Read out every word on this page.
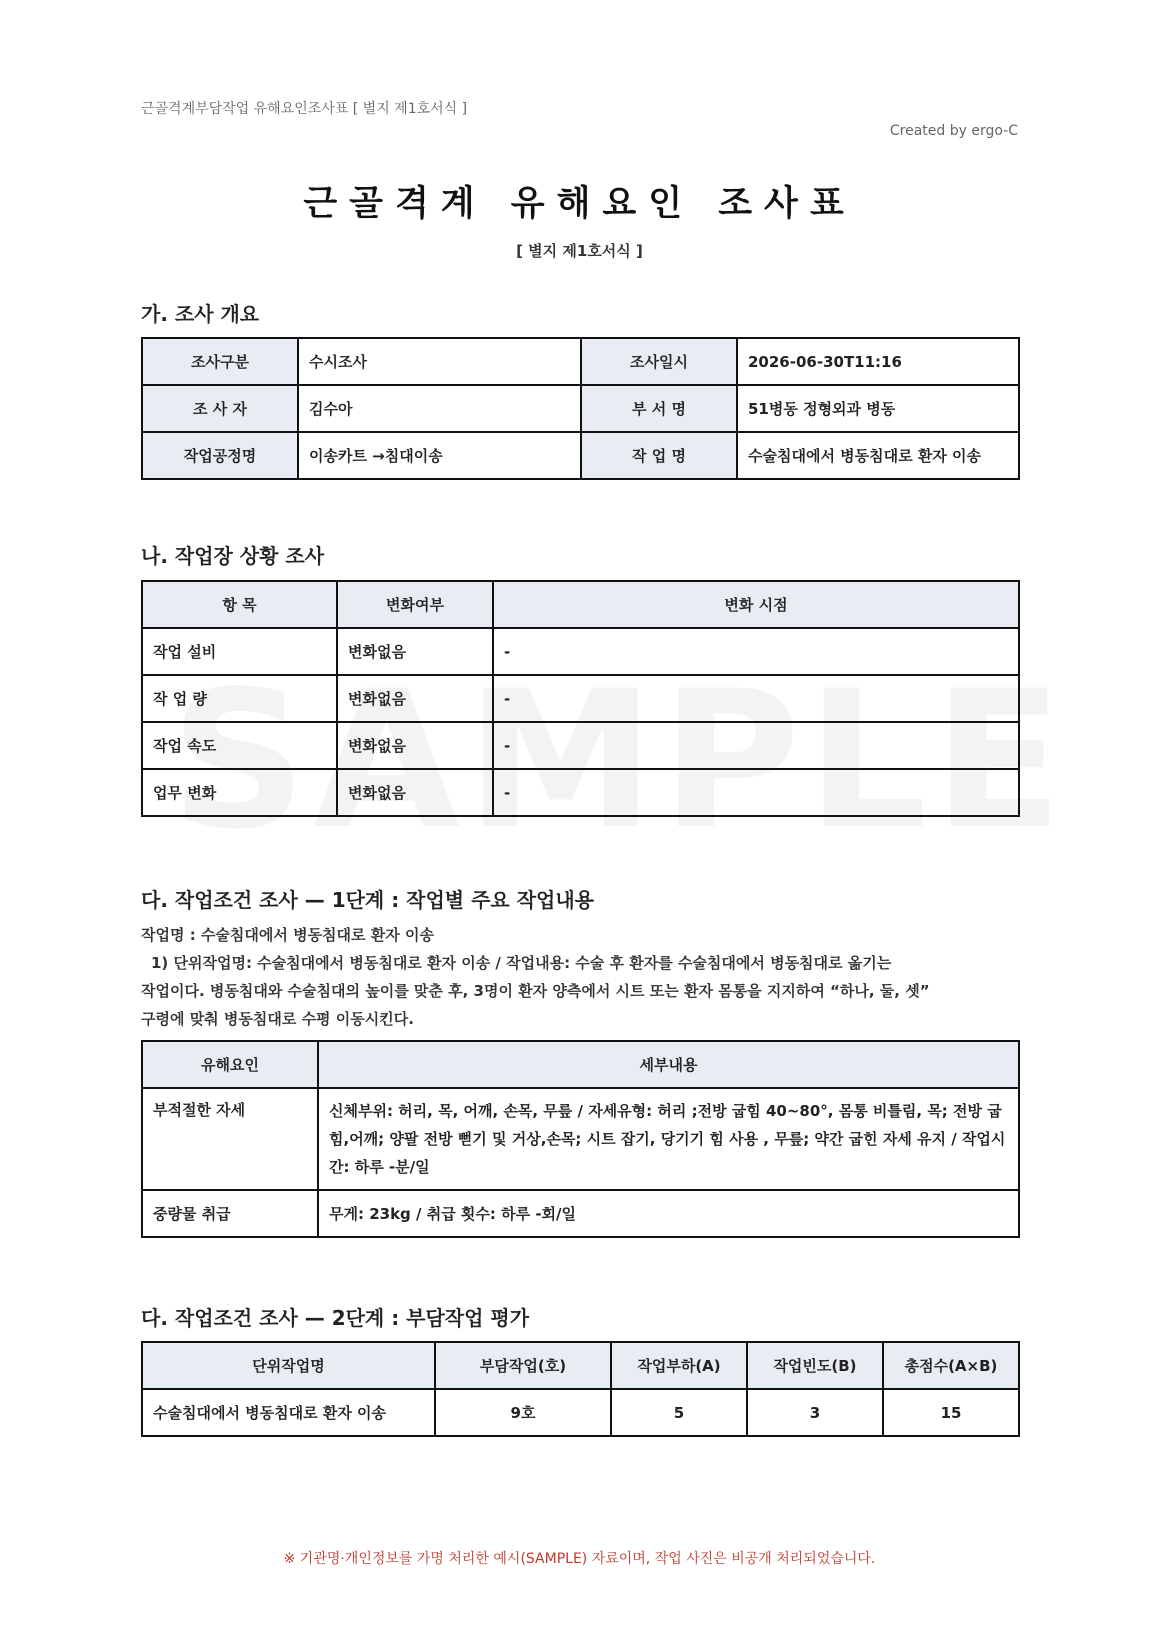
근골격계부담작업 유해요인조사표 [ 별지 제1호서식 ]
Created by ergo-C
근골격계 유해요인 조사표
[ 별지 제1호서식 ]
가. 조사 개요
조사구분	수시조사	조사일시	2026-06-30T11:16
조 사 자	김수아	부 서 명	51병동 정형외과 병동
작업공정명	이송카트 →침대이송	작 업 명	수술침대에서 병동침대로 환자 이송
나. 작업장 상황 조사
항 목	변화여부	변화 시점
작업 설비	변화없음	-
작 업 량	변화없음	-
작업 속도	변화없음	-
업무 변화	변화없음	-
다. 작업조건 조사 — 1단계 : 작업별 주요 작업내용
작업명 : 수술침대에서 병동침대로 환자 이송
1) 단위작업명: 수술침대에서 병동침대로 환자 이송 / 작업내용: 수술 후 환자를 수술침대에서 병동침대로 옮기는
작업이다. 병동침대와 수술침대의 높이를 맞춘 후, 3명이 환자 양측에서 시트 또는 환자 몸통을 지지하여 “하나, 둘, 셋”
구령에 맞춰 병동침대로 수평 이동시킨다.
유해요인	세부내용
부적절한 자세	신체부위: 허리, 목, 어깨, 손목, 무릎 / 자세유형: 허리 ;전방 굽힘 40~80°, 몸통 비틀림, 목; 전방 굽힘,어깨; 양팔 전방 뻗기 및 거상,손목; 시트 잡기, 당기기 힘 사용 , 무릎; 약간 굽힌 자세 유지 / 작업시간: 하루 -분/일
중량물 취급	무게: 23kg / 취급 횟수: 하루 -회/일
다. 작업조건 조사 — 2단계 : 부담작업 평가
단위작업명	부담작업(호)	작업부하(A)	작업빈도(B)	총점수(A×B)
수술침대에서 병동침대로 환자 이송	9호	5	3	15
※ 기관명·개인정보를 가명 처리한 예시(SAMPLE) 자료이며, 작업 사진은 비공개 처리되었습니다.
